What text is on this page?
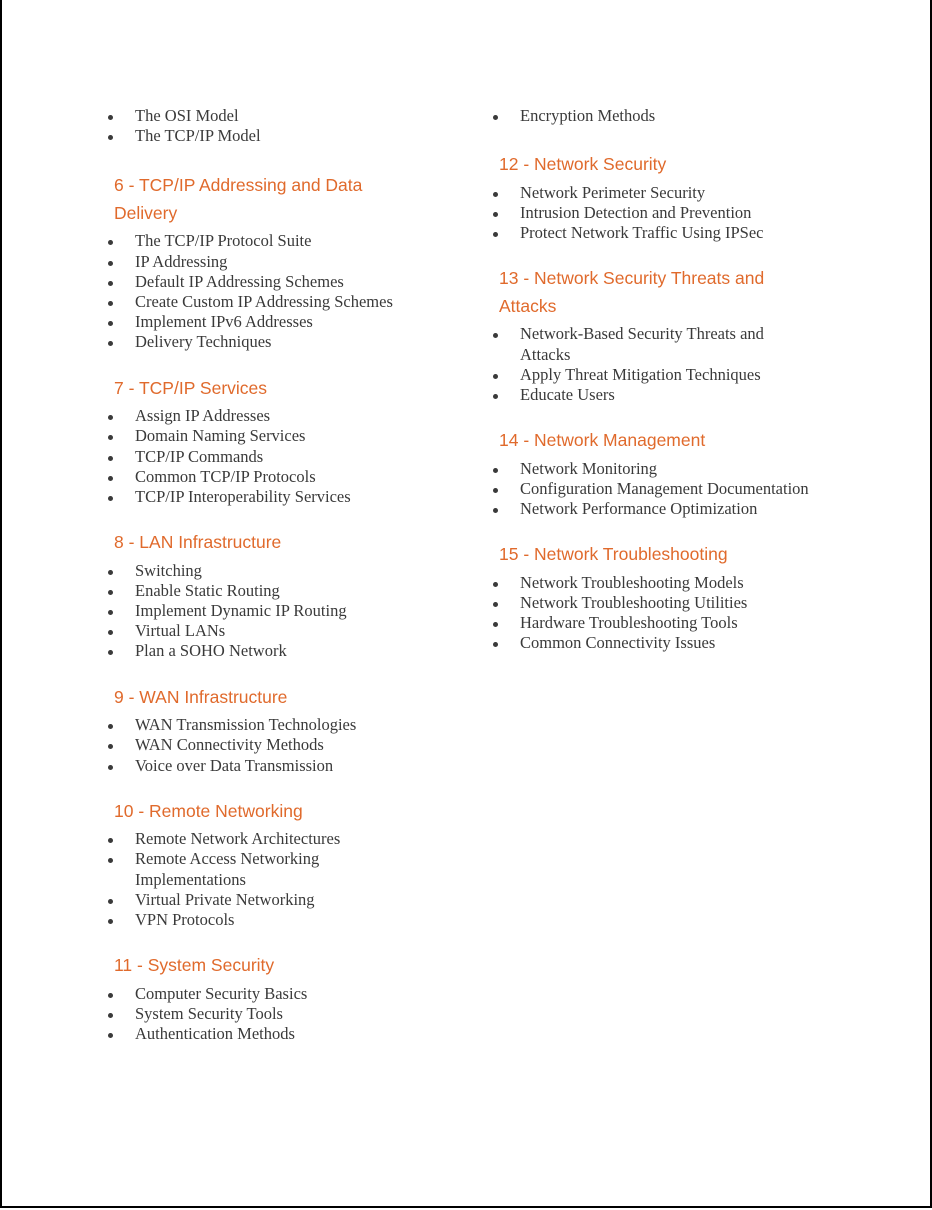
The OSI Model
The TCP/IP Model
6 - TCP/IP Addressing and Data Delivery
The TCP/IP Protocol Suite
IP Addressing
Default IP Addressing Schemes
Create Custom IP Addressing Schemes
Implement IPv6 Addresses
Delivery Techniques
7 - TCP/IP Services
Assign IP Addresses
Domain Naming Services
TCP/IP Commands
Common TCP/IP Protocols
TCP/IP Interoperability Services
8 - LAN Infrastructure
Switching
Enable Static Routing
Implement Dynamic IP Routing
Virtual LANs
Plan a SOHO Network
9 - WAN Infrastructure
WAN Transmission Technologies
WAN Connectivity Methods
Voice over Data Transmission
10 - Remote Networking
Remote Network Architectures
Remote Access Networking Implementations
Virtual Private Networking
VPN Protocols
11 - System Security
Computer Security Basics
System Security Tools
Authentication Methods
Encryption Methods
12 - Network Security
Network Perimeter Security
Intrusion Detection and Prevention
Protect Network Traffic Using IPSec
13 - Network Security Threats and Attacks
Network-Based Security Threats and Attacks
Apply Threat Mitigation Techniques
Educate Users
14 - Network Management
Network Monitoring
Configuration Management Documentation
Network Performance Optimization
15 - Network Troubleshooting
Network Troubleshooting Models
Network Troubleshooting Utilities
Hardware Troubleshooting Tools
Common Connectivity Issues
